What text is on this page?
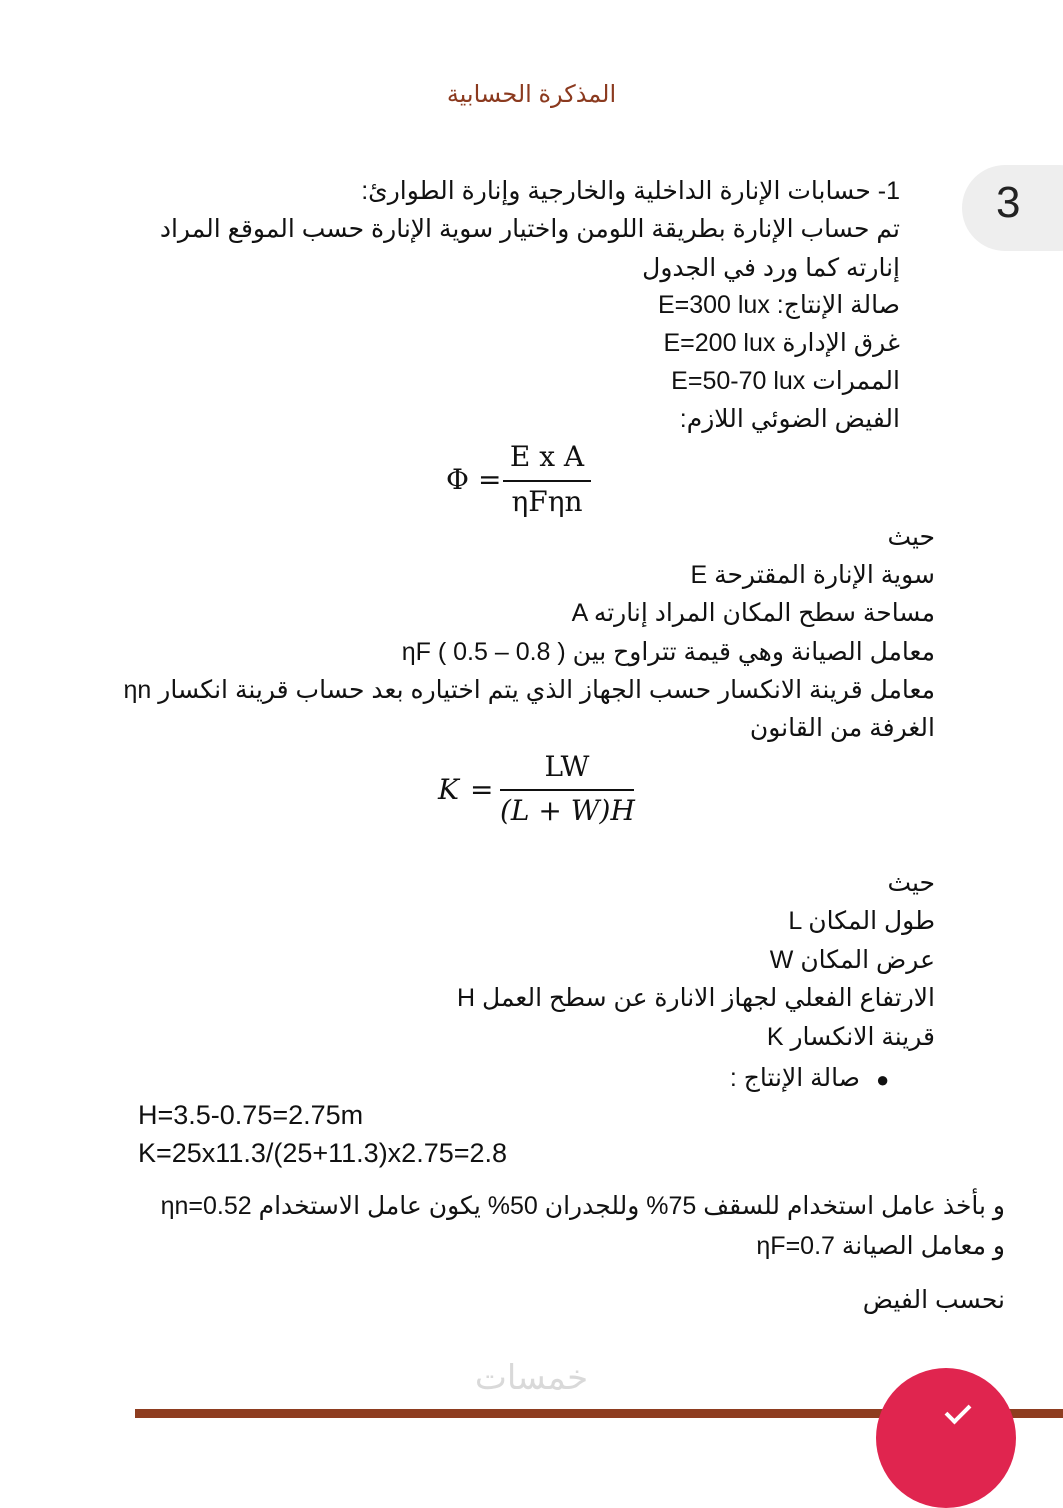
المذكرة الحسابية
3
1- حسابات الإنارة الداخلية والخارجية وإنارة الطوارئ:
تم حساب الإنارة بطريقة اللومن واختيار سوية الإنارة حسب الموقع المراد
إنارته كما ورد في الجدول
صالة الإنتاج: E=300 lux
غرق الإدارة E=200 lux
الممرات E=50-70 lux
الفيض الضوئي اللازم:
Φ =
E x A
ηFηn
حيث
E سوية الإنارة المقترحة
A مساحة سطح المكان المراد إنارته
ηF معامل الصيانة وهي قيمة تتراوح بين ( 0.8 – 0.5 )
ηn معامل قرينة الانكسار حسب الجهاز الذي يتم اختياره بعد حساب قرينة انكسار
الغرفة من القانون
K =
LW
(L + W)H
حيث
L طول المكان
W عرض المكان
H الارتفاع الفعلي لجهاز الانارة عن سطح العمل
K قرينة الانكسار
●
صالة الإنتاج :
H=3.5-0.75=2.75m
K=25x11.3/(25+11.3)x2.75=2.8
و بأخذ عامل استخدام للسقف 75% وللجدران 50% يكون عامل الاستخدام ηn=0.52
و معامل الصيانة ηF=0.7
نحسب الفيض
خمسات
